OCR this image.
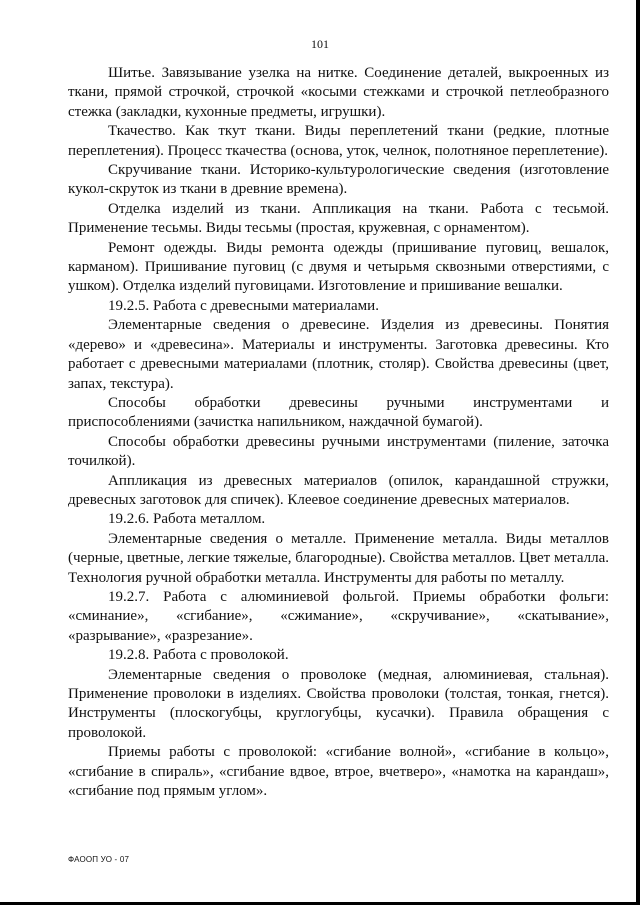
101

Шитье. Завязывание узелка на нитке. Соединение деталей, выкроенных из ткани, прямой строчкой, строчкой «косыми стежками и строчкой петлеобразного стежка (закладки, кухонные предметы, игрушки).

Ткачество. Как ткут ткани. Виды переплетений ткани (редкие, плотные переплетения). Процесс ткачества (основа, уток, челнок, полотняное переплетение).

Скручивание ткани. Историко-культурологические сведения (изготовление кукол-скруток из ткани в древние времена).

Отделка изделий из ткани. Аппликация на ткани. Работа с тесьмой. Применение тесьмы. Виды тесьмы (простая, кружевная, с орнаментом).

Ремонт одежды. Виды ремонта одежды (пришивание пуговиц, вешалок, карманом). Пришивание пуговиц (с двумя и четырьмя сквозными отверстиями, с ушком). Отделка изделий пуговицами. Изготовление и пришивание вешалки.

19.2.5. Работа с древесными материалами.

Элементарные сведения о древесине. Изделия из древесины. Понятия «дерево» и «древесина». Материалы и инструменты. Заготовка древесины. Кто работает с древесными материалами (плотник, столяр). Свойства древесины (цвет, запах, текстура).

Способы обработки древесины ручными инструментами и приспособлениями (зачистка напильником, наждачной бумагой).

Способы обработки древесины ручными инструментами (пиление, заточка точилкой).

Аппликация из древесных материалов (опилок, карандашной стружки, древесных заготовок для спичек). Клеевое соединение древесных материалов.

19.2.6. Работа металлом.

Элементарные сведения о металле. Применение металла. Виды металлов (черные, цветные, легкие тяжелые, благородные). Свойства металлов. Цвет металла. Технология ручной обработки металла. Инструменты для работы по металлу.

19.2.7. Работа с алюминиевой фольгой. Приемы обработки фольги: «сминание», «сгибание», «сжимание», «скручивание», «скатывание», «разрывание», «разрезание».

19.2.8. Работа с проволокой.

Элементарные сведения о проволоке (медная, алюминиевая, стальная). Применение проволоки в изделиях. Свойства проволоки (толстая, тонкая, гнется). Инструменты (плоскогубцы, круглогубцы, кусачки). Правила обращения с проволокой.

Приемы работы с проволокой: «сгибание волной», «сгибание в кольцо», «сгибание в спираль», «сгибание вдвое, втрое, вчетверо», «намотка на карандаш», «сгибание под прямым углом».

ФАООП УО - 07
